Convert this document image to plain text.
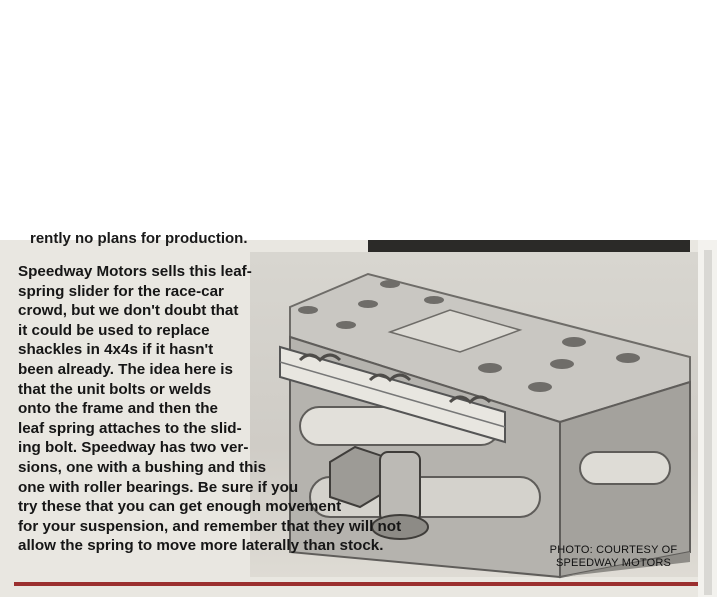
rently no plans for production.
Speedway Motors sells this leaf-
spring slider for the race-car
crowd, but we don't doubt that
it could be used to replace
shackles in 4x4s if it hasn't
been already. The idea here is
that the unit bolts or welds
onto the frame and then the
leaf spring attaches to the slid-
ing bolt. Speedway has two ver-
sions, one with a bushing and this
one with roller bearings. Be sure if you
try these that you can get enough movement
for your suspension, and remember that they will not
allow the spring to move more laterally than stock.	PHOTO: COURTESY OF
SPEEDWAY MOTORS
